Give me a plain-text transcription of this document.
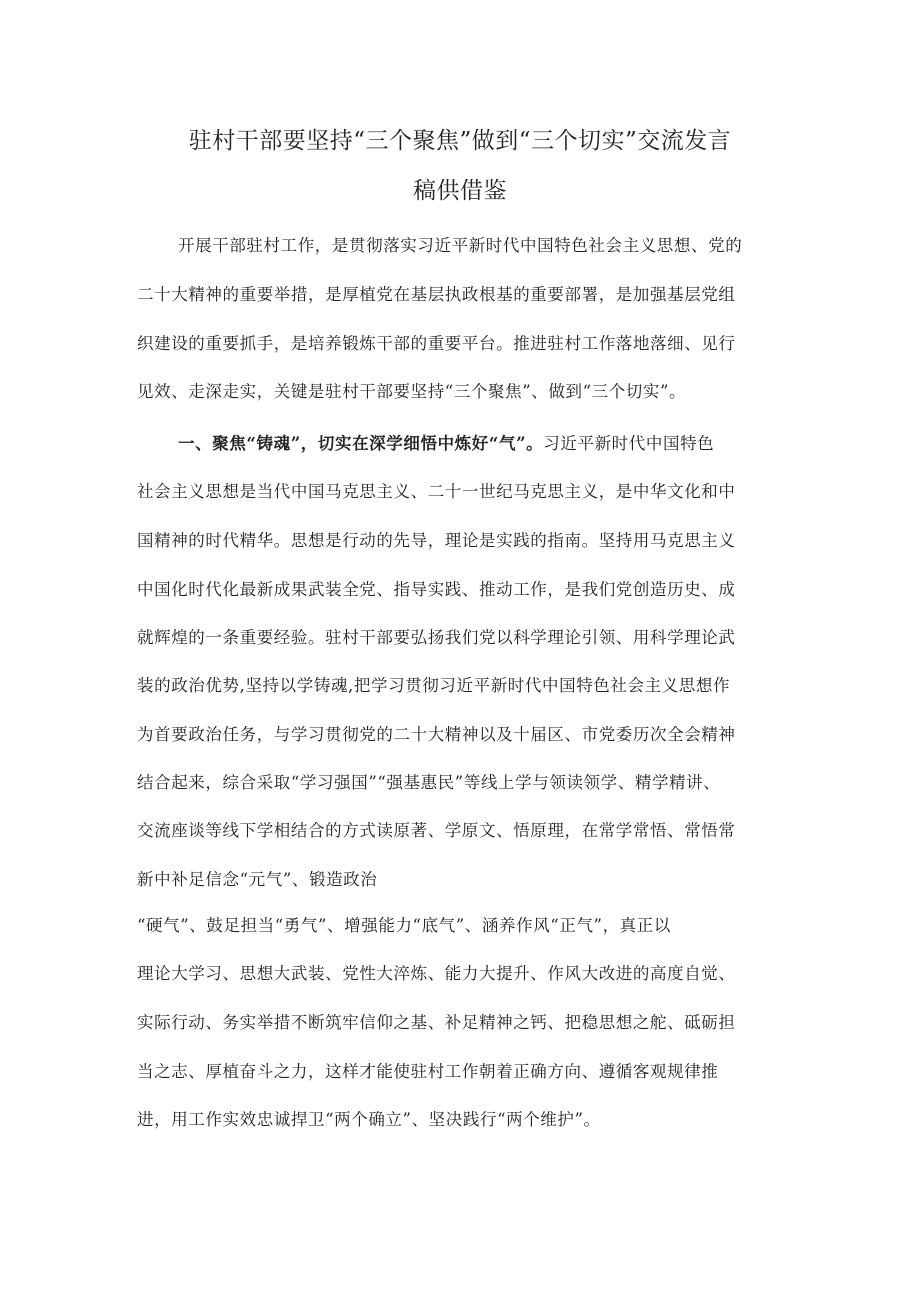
驻村干部要坚持“三个聚焦”做到“三个切实”交流发言
稿供借鉴
开展干部驻村工作，是贯彻落实习近平新时代中国特色社会主义思想、党的
二十大精神的重要举措，是厚植党在基层执政根基的重要部署，是加强基层党组
织建设的重要抓手，是培养锻炼干部的重要平台。推进驻村工作落地落细、见行
见效、走深走实，关键是驻村干部要坚持“三个聚焦”、做到“三个切实”。
一、聚焦“铸魂”，切实在深学细悟中炼好“气”。习近平新时代中国特色
社会主义思想是当代中国马克思主义、二十一世纪马克思主义，是中华文化和中
国精神的时代精华。思想是行动的先导，理论是实践的指南。坚持用马克思主义
中国化时代化最新成果武装全党、指导实践、推动工作，是我们党创造历史、成
就辉煌的一条重要经验。驻村干部要弘扬我们党以科学理论引领、用科学理论武
装的政治优势,坚持以学铸魂,把学习贯彻习近平新时代中国特色社会主义思想作
为首要政治任务，与学习贯彻党的二十大精神以及十届区、市党委历次全会精神
结合起来，综合采取“学习强国”“强基惠民”等线上学与领读领学、精学精讲、
交流座谈等线下学相结合的方式读原著、学原文、悟原理，在常学常悟、常悟常
新中补足信念“元气”、锻造政治
“硬气”、鼓足担当“勇气”、增强能力“底气”、涵养作风“正气”，真正以
理论大学习、思想大武装、党性大淬炼、能力大提升、作风大改进的高度自觉、
实际行动、务实举措不断筑牢信仰之基、补足精神之钙、把稳思想之舵、砥砺担
当之志、厚植奋斗之力，这样才能使驻村工作朝着正确方向、遵循客观规律推
进，用工作实效忠诚捍卫“两个确立”、坚决践行“两个维护”。
